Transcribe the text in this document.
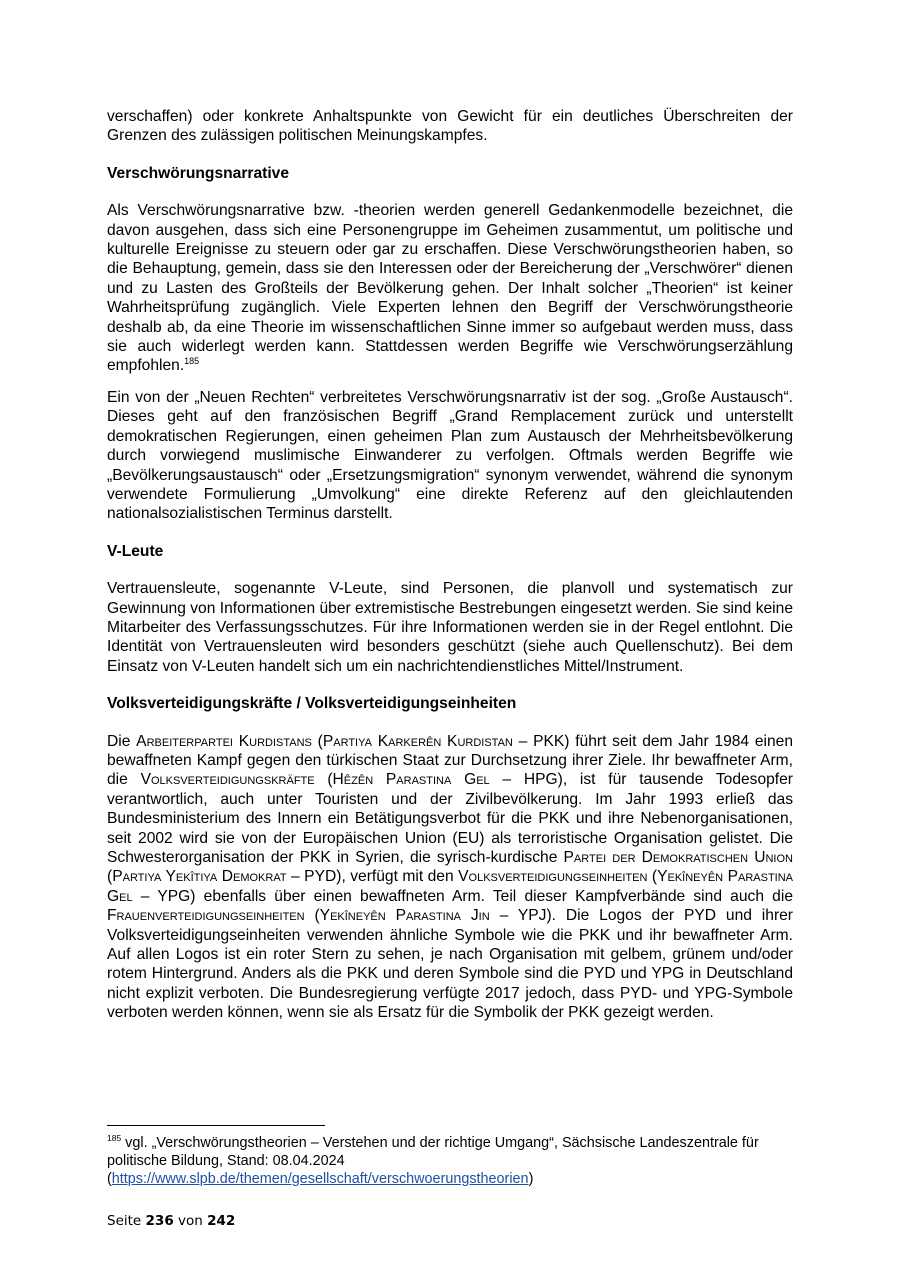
verschaffen) oder konkrete Anhaltspunkte von Gewicht für ein deutliches Überschreiten der Grenzen des zulässigen politischen Meinungskampfes.

Verschwörungsnarrative

Als Verschwörungsnarrative bzw. -theorien werden generell Gedankenmodelle bezeichnet, die davon ausgehen, dass sich eine Personengruppe im Geheimen zusammentut, um politische und kulturelle Ereignisse zu steuern oder gar zu erschaffen. Diese Verschwörungstheorien haben, so die Behauptung, gemein, dass sie den Interessen oder der Bereicherung der „Verschwörer“ dienen und zu Lasten des Großteils der Bevölkerung gehen. Der Inhalt solcher „Theorien“ ist keiner Wahrheitsprüfung zugänglich. Viele Experten lehnen den Begriff der Verschwörungstheorie deshalb ab, da eine Theorie im wissenschaftlichen Sinne immer so aufgebaut werden muss, dass sie auch widerlegt werden kann. Stattdessen werden Begriffe wie Verschwörungserzählung empfohlen.$^{185}$

Ein von der „Neuen Rechten“ verbreitetes Verschwörungsnarrativ ist der sog. „Große Austausch“. Dieses geht auf den französischen Begriff „Grand Remplacement zurück und unterstellt demokratischen Regierungen, einen geheimen Plan zum Austausch der Mehrheitsbevölkerung durch vorwiegend muslimische Einwanderer zu verfolgen. Oftmals werden Begriffe wie „Bevölkerungsaustausch“ oder „Ersetzungsmigration“ synonym verwendet, während die synonym verwendete Formulierung „Umvolkung“ eine direkte Referenz auf den gleichlautenden nationalsozialistischen Terminus darstellt.

V-Leute

Vertrauensleute, sogenannte V-Leute, sind Personen, die planvoll und systematisch zur Gewinnung von Informationen über extremistische Bestrebungen eingesetzt werden. Sie sind keine Mitarbeiter des Verfassungsschutzes. Für ihre Informationen werden sie in der Regel entlohnt. Die Identität von Vertrauensleuten wird besonders geschützt (siehe auch Quellenschutz). Bei dem Einsatz von V-Leuten handelt sich um ein nachrichtendienstliches Mittel/Instrument.

Volksverteidigungskräfte / Volksverteidigungseinheiten

Die Arbeiterpartei Kurdistans (Partiya Karkerên Kurdistan – PKK) führt seit dem Jahr 1984 einen bewaffneten Kampf gegen den türkischen Staat zur Durchsetzung ihrer Ziele. Ihr bewaffneter Arm, die Volksverteidigungskräfte (Hêzên Parastina Gel – HPG), ist für tausende Todesopfer verantwortlich, auch unter Touristen und der Zivilbevölkerung. Im Jahr 1993 erließ das Bundesministerium des Innern ein Betätigungsverbot für die PKK und ihre Nebenorganisationen, seit 2002 wird sie von der Europäischen Union (EU) als terroristische Organisation gelistet. Die Schwesterorganisation der PKK in Syrien, die syrisch-kurdische Partei der Demokratischen Union (Partiya Yekîtiya Demokrat – PYD), verfügt mit den Volksverteidigungseinheiten (Yekîneyên Parastina Gel – YPG) ebenfalls über einen bewaffneten Arm. Teil dieser Kampfverbände sind auch die Frauenverteidigungseinheiten (Yekîneyên Parastina Jin – YPJ). Die Logos der PYD und ihrer Volksverteidigungseinheiten verwenden ähnliche Symbole wie die PKK und ihr bewaffneter Arm. Auf allen Logos ist ein roter Stern zu sehen, je nach Organisation mit gelbem, grünem und/oder rotem Hintergrund. Anders als die PKK und deren Symbole sind die PYD und YPG in Deutschland nicht explizit verboten. Die Bundesregierung verfügte 2017 jedoch, dass PYD- und YPG-Symbole verboten werden können, wenn sie als Ersatz für die Symbolik der PKK gezeigt werden.

$^{185}$ vgl. „Verschwörungstheorien – Verstehen und der richtige Umgang“, Sächsische Landeszentrale für politische Bildung, Stand: 08.04.2024
(https://www.slpb.de/themen/gesellschaft/verschwoerungstheorien)
Seite 236 von 242
